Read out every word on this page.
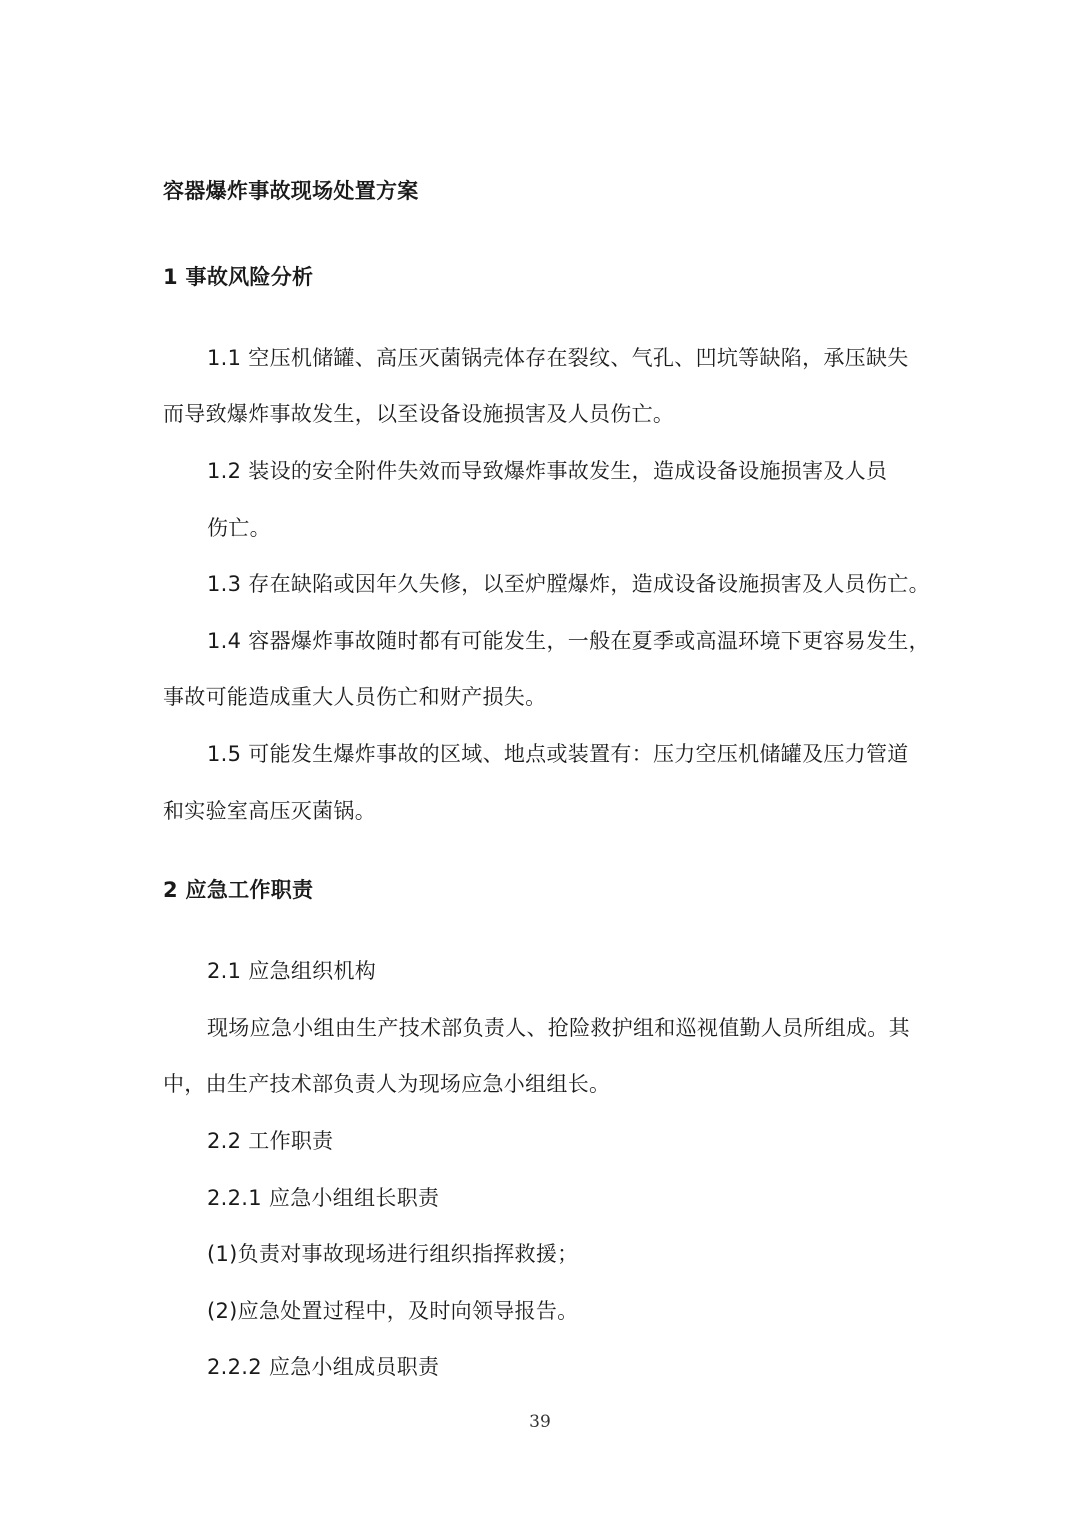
容器爆炸事故现场处置方案
1 事故风险分析
1.1 空压机储罐、高压灭菌锅壳体存在裂纹、气孔、凹坑等缺陷，承压缺失
而导致爆炸事故发生，以至设备设施损害及人员伤亡。
1.2 装设的安全附件失效而导致爆炸事故发生，造成设备设施损害及人员
伤亡。
1.3 存在缺陷或因年久失修，以至炉膛爆炸，造成设备设施损害及人员伤亡。
1.4 容器爆炸事故随时都有可能发生，一般在夏季或高温环境下更容易发生，
事故可能造成重大人员伤亡和财产损失。
1.5 可能发生爆炸事故的区域、地点或装置有：压力空压机储罐及压力管道
和实验室高压灭菌锅。
2 应急工作职责
2.1 应急组织机构
现场应急小组由生产技术部负责人、抢险救护组和巡视值勤人员所组成。其
中，由生产技术部负责人为现场应急小组组长。
2.2 工作职责
2.2.1 应急小组组长职责
(1)负责对事故现场进行组织指挥救援；
(2)应急处置过程中，及时向领导报告。
2.2.2 应急小组成员职责
39
